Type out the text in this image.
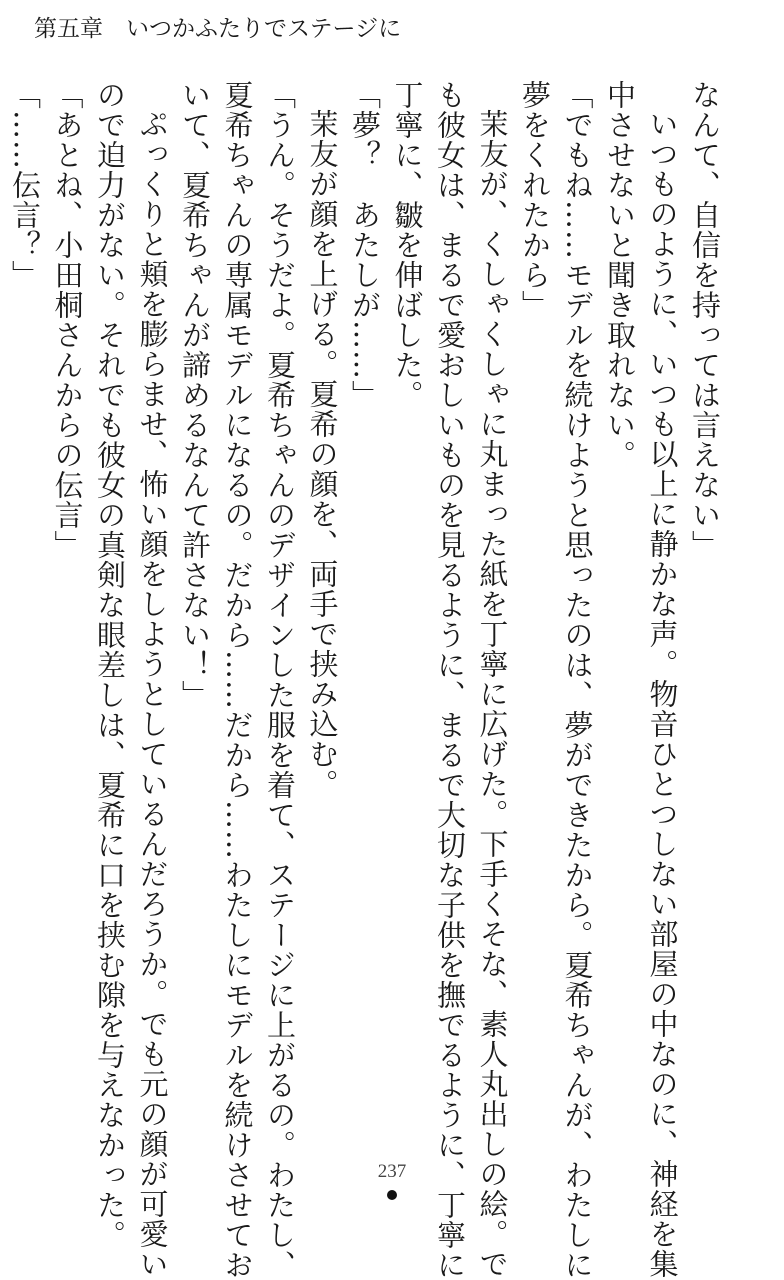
第五章　いつかふたりでステージに
なんて、自信を持っては言えない」
いつものように、いつも以上に静かな声。物音ひとつしない部屋の中なのに、神経を集
中させないと聞き取れない。
「でもね……モデルを続けようと思ったのは、夢ができたから。夏希ちゃんが、わたしに
夢をくれたから」
茉友が、くしゃくしゃに丸まった紙を丁寧に広げた。下手くそな、素人丸出しの絵。で
も彼女は、まるで愛おしいものを見るように、まるで大切な子供を撫でるように、丁寧に
丁寧に、皺を伸ばした。
「夢？　あたしが……」
茉友が顔を上げる。夏希の顔を、両手で挟み込む。
「うん。そうだよ。夏希ちゃんのデザインした服を着て、ステージに上がるの。わたし、
夏希ちゃんの専属モデルになるの。だから……だから……わたしにモデルを続けさせてお
いて、夏希ちゃんが諦めるなんて許さない！」
ぷっくりと頬を膨らませ、怖い顔をしようとしているんだろうか。でも元の顔が可愛い
ので迫力がない。それでも彼女の真剣な眼差しは、夏希に口を挟む隙を与えなかった。
「あとね、小田桐さんからの伝言」
「……伝言？」
237
